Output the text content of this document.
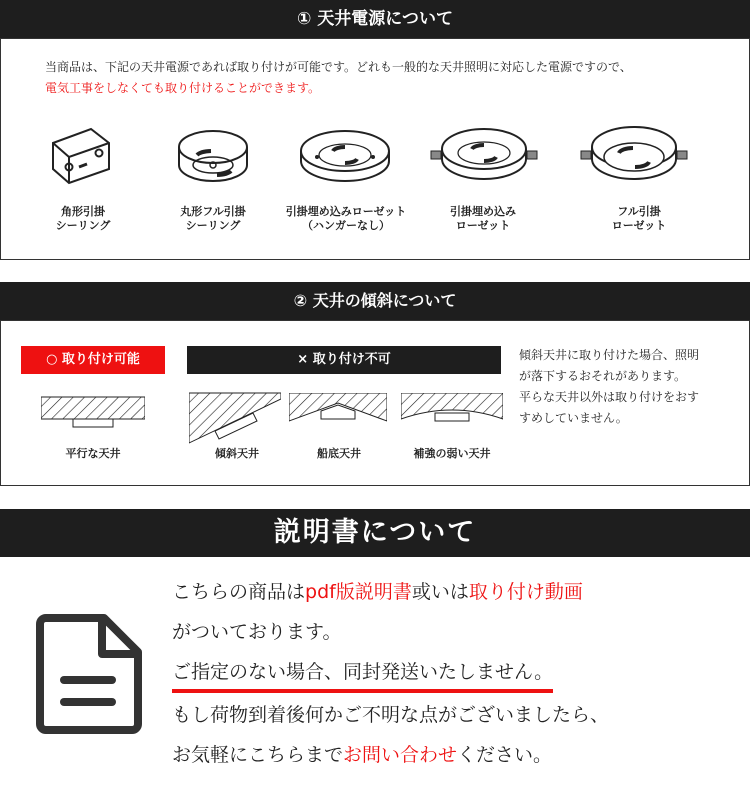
① 天井電源について
当商品は、下記の天井電源であれば取り付けが可能です。どれも一般的な天井照明に対応した電源ですので、
電気工事をしなくても取り付けることができます。
角形引掛
シーリング
丸形フル引掛
シーリング
引掛埋め込みローゼット
（ハンガーなし）
引掛埋め込み
ローゼット
フル引掛
ローゼット
② 天井の傾斜について
○ 取り付け可能	× 取り付け不可
平行な天井	傾斜天井	船底天井	補強の弱い天井
傾斜天井に取り付けた場合、照明
が落下するおそれがあります。
平らな天井以外は取り付けをおす
すめしていません。
説明書について
こちらの商品はpdf版説明書或いは取り付け動画
がついております。
ご指定のない場合、同封発送いたしません。
もし荷物到着後何かご不明な点がございましたら、
お気軽にこちらまでお問い合わせください。
